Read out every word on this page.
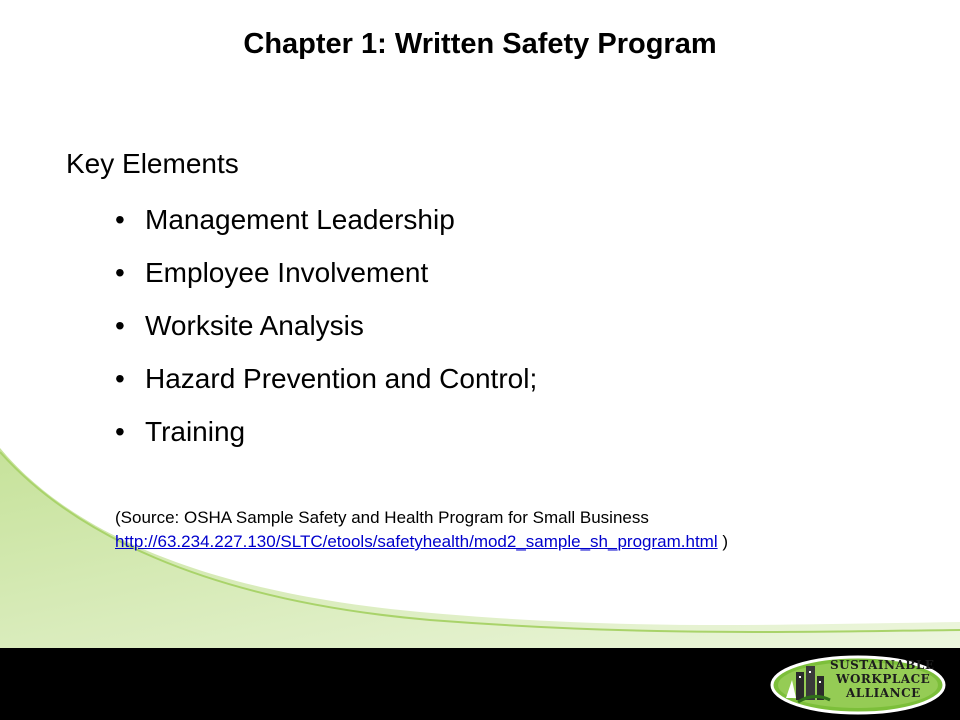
Chapter 1: Written Safety Program
Key Elements
• Management Leadership
• Employee Involvement
• Worksite Analysis
• Hazard Prevention and Control;
• Training
(Source: OSHA Sample Safety and Health Program for Small Business
http://63.234.227.130/SLTC/etools/safetyhealth/mod2_sample_sh_program.html )
SUSTAINABLE
WORKPLACE
ALLIANCE
